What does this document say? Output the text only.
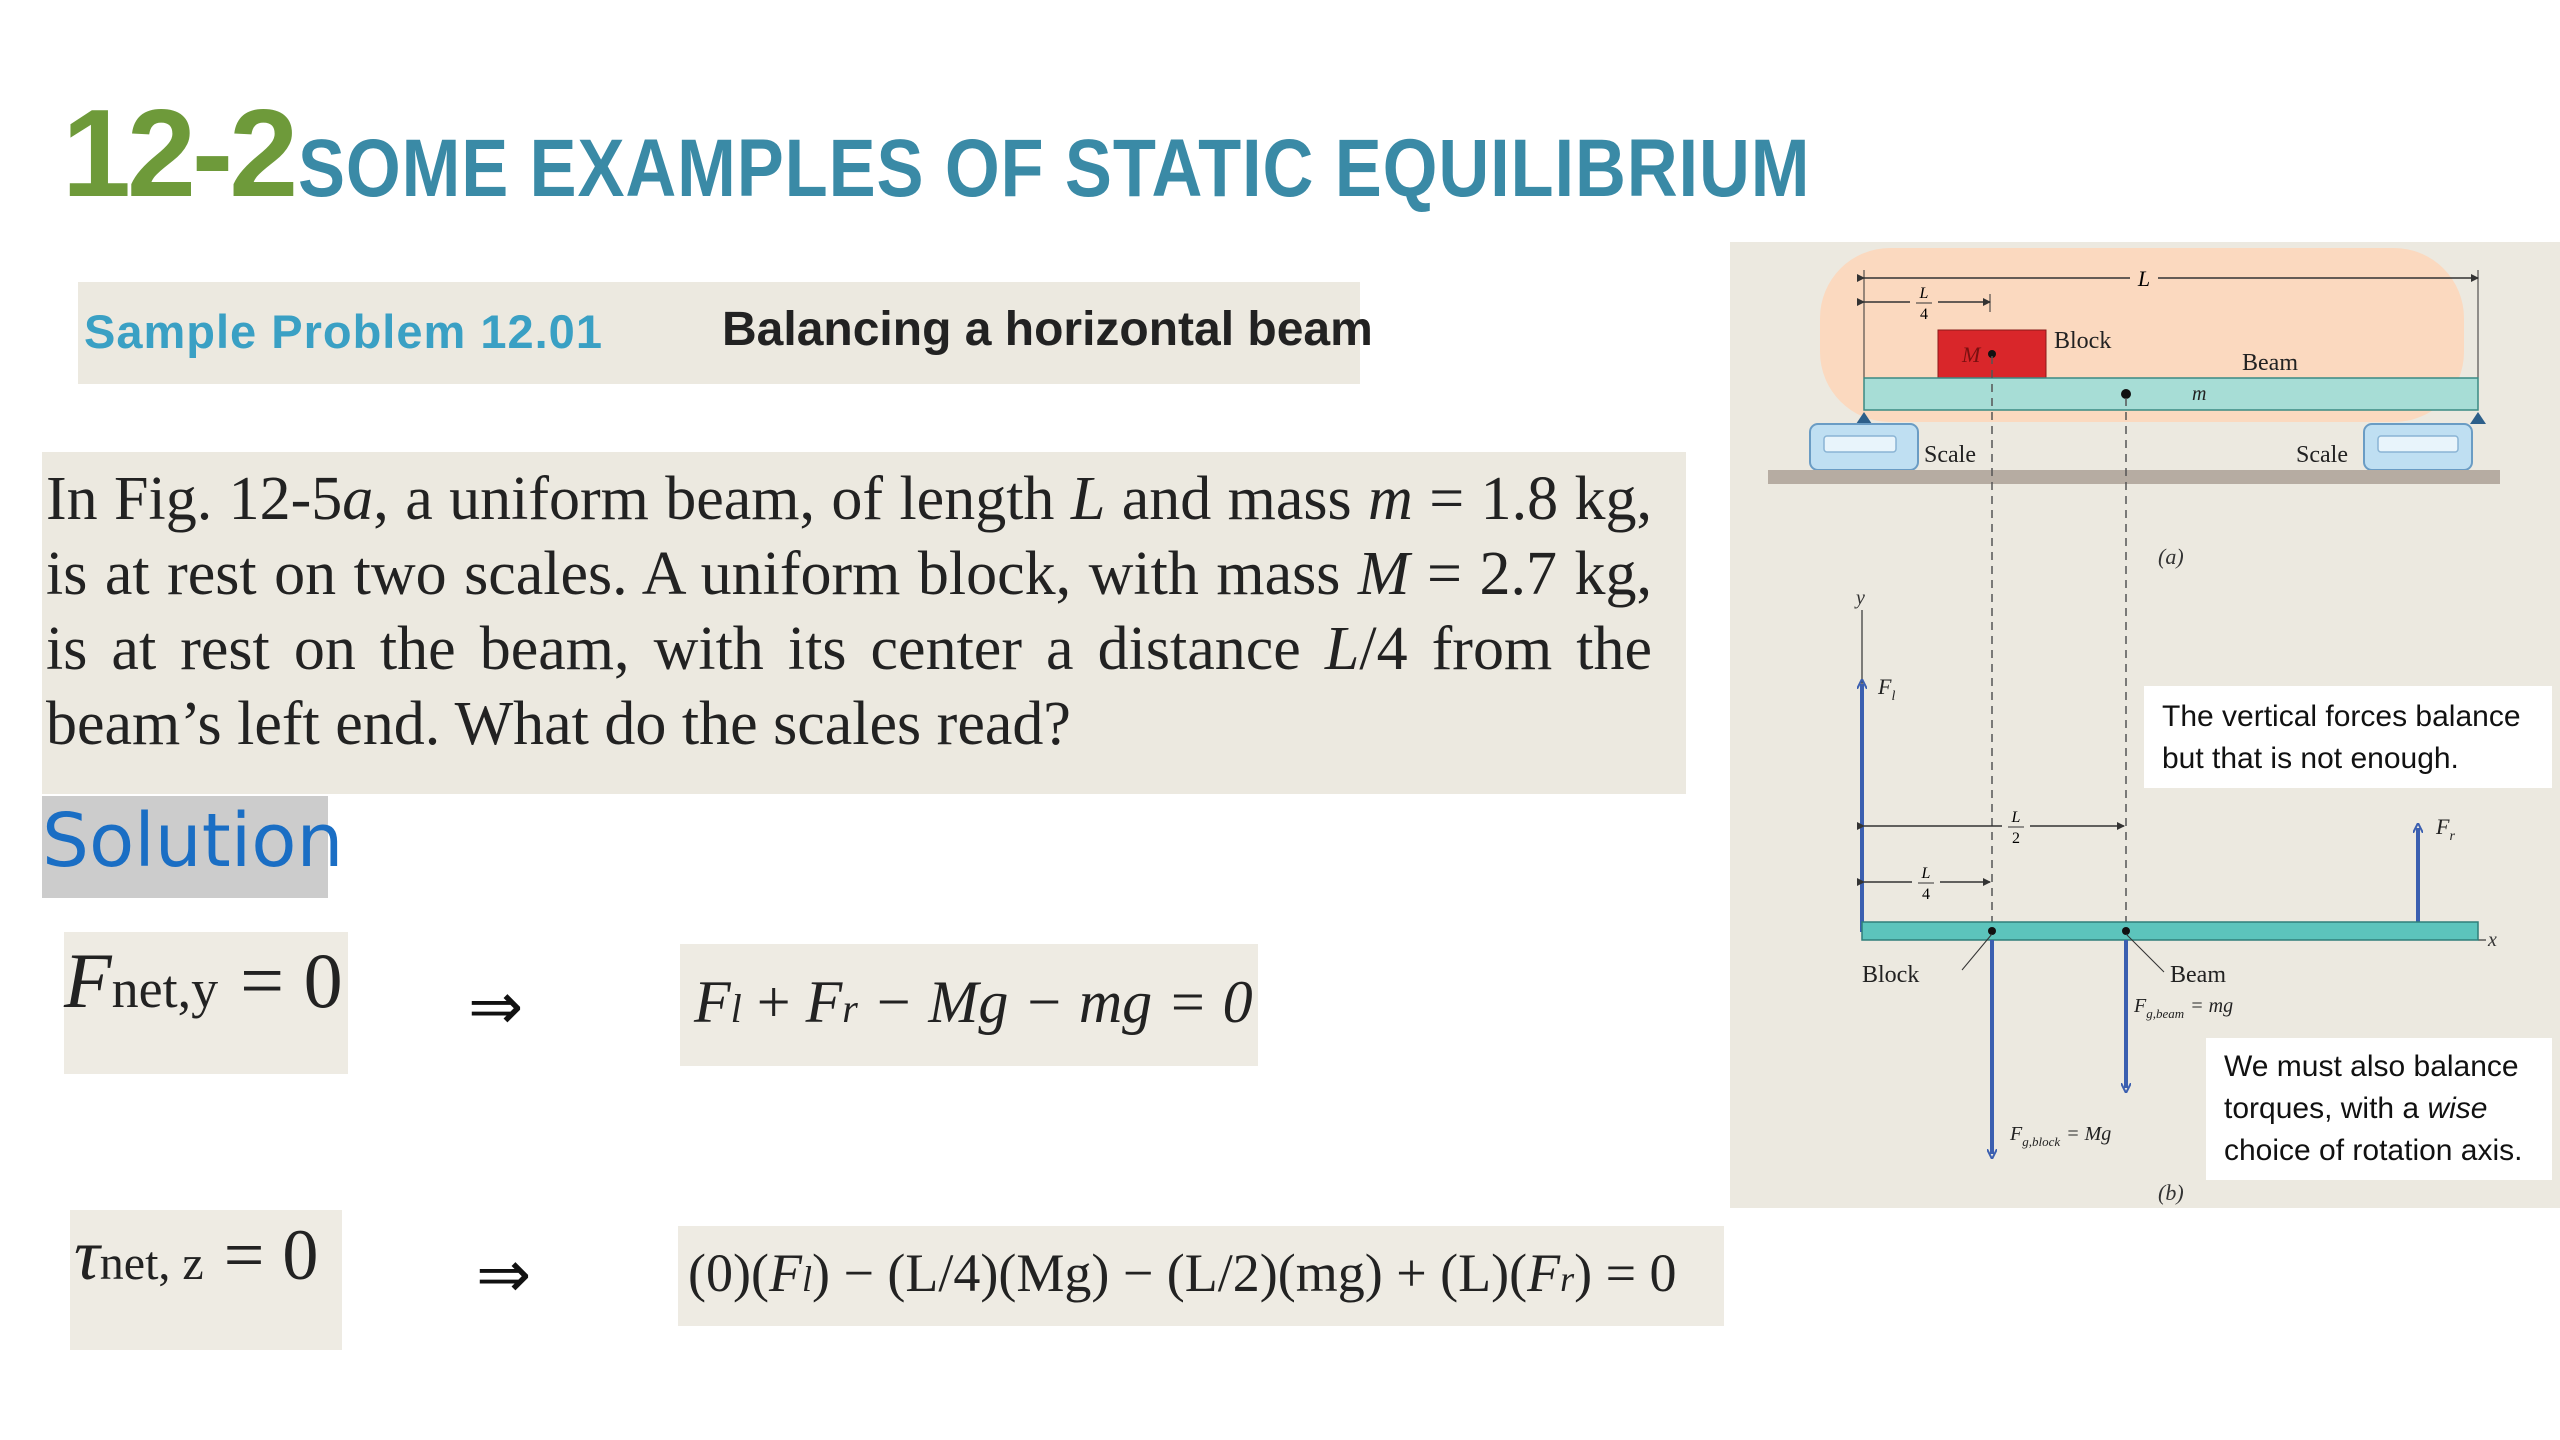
12-2 SOME EXAMPLES OF STATIC EQUILIBRIUM
Sample Problem 12.01 Balancing a horizontal beam
In Fig. 12-5a, a uniform beam, of length L and mass m = 1.8 kg, is at rest on two scales. A uniform block, with mass M = 2.7 kg, is at rest on the beam, with its center a distance L/4 from the beam’s left end. What do the scales read?
Solution
Fnet,y = 0 ⇒	Fl + Fr − Mg − mg = 0
τnet, z = 0 ⇒	(0)(Fl) − (L/4)(Mg) − (L/2)(mg) + (L)(Fr) = 0
L
L
4
M
Block
m
Beam
Scale	Scale
(a)
y
x
$F_l$
$F_r$
L
2
L
4
Block	Beam
$F_{g,beam}$ = mg
$F_{g,block} = Mg$
(b)
The vertical forces balance but that is not enough.
We must also balance torques, with a wise choice of rotation axis.
